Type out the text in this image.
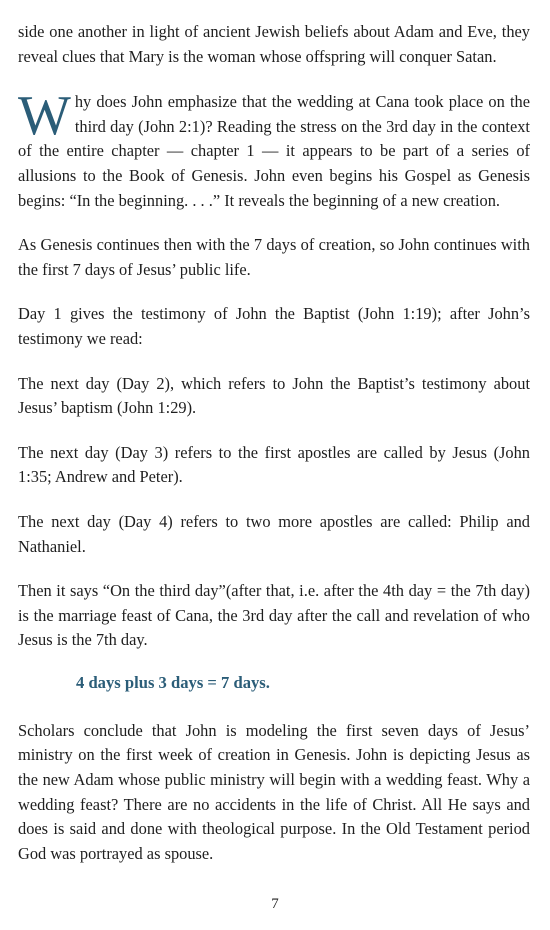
side one another in light of ancient Jewish beliefs about Adam and Eve, they reveal clues that Mary is the woman whose offspring will conquer Satan.

Why does John emphasize that the wedding at Cana took place on the third day (John 2:1)? Reading the stress on the 3rd day in the context of the entire chapter — chapter 1 — it appears to be part of a series of allusions to the Book of Genesis. John even begins his Gospel as Genesis begins: “In the beginning. . . .” It reveals the beginning of a new creation.

As Genesis continues then with the 7 days of creation, so John continues with the first 7 days of Jesus’ public life.

Day 1 gives the testimony of John the Baptist (John 1:19); after John’s testimony we read:

The next day (Day 2), which refers to John the Baptist’s testimony about Jesus’ baptism (John 1:29).

The next day (Day 3) refers to the first apostles are called by Jesus (John 1:35; Andrew and Peter).

The next day (Day 4) refers to two more apostles are called: Philip and Nathaniel.

Then it says “On the third day”(after that, i.e. after the 4th day = the 7th day) is the marriage feast of Cana, the 3rd day after the call and revelation of who Jesus is the 7th day.

4 days plus 3 days = 7 days.

Scholars conclude that John is modeling the first seven days of Jesus’ ministry on the first week of creation in Genesis. John is depicting Jesus as the new Adam whose public ministry will begin with a wedding feast. Why a wedding feast? There are no accidents in the life of Christ. All He says and does is said and done with theological purpose. In the Old Testament period God was portrayed as spouse.

7
